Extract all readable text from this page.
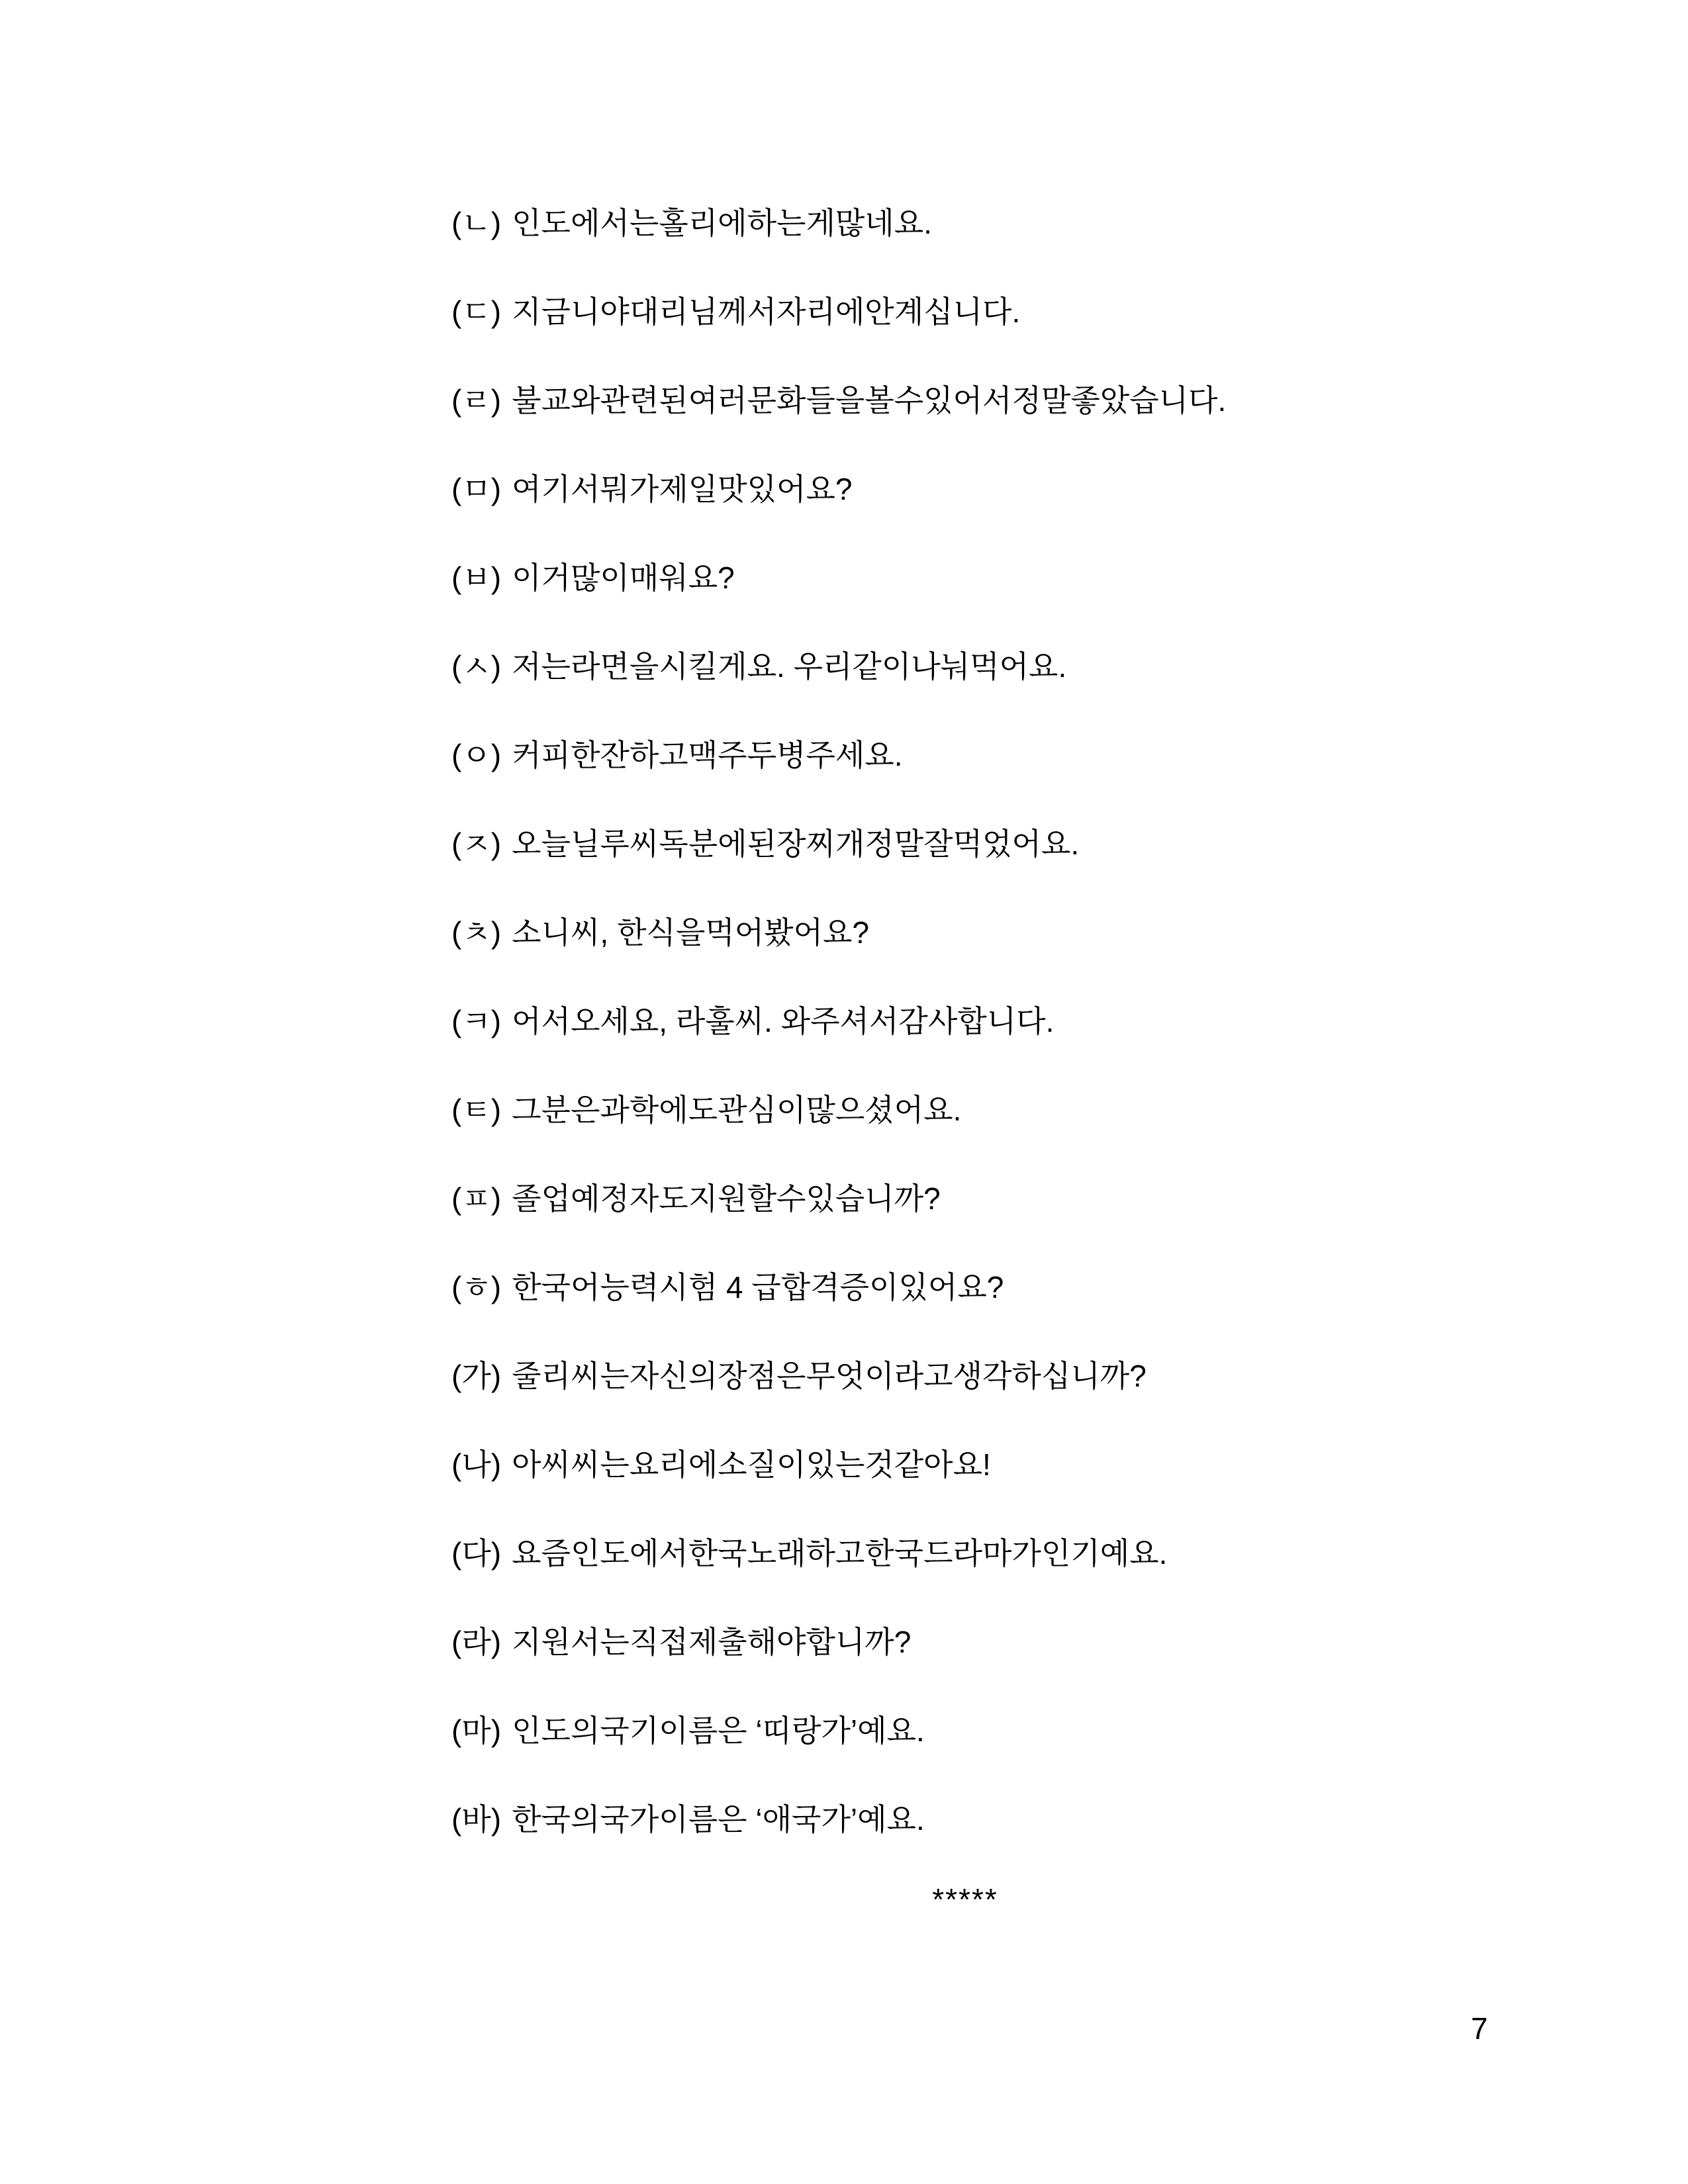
(ㄴ) 인도에서는홀리에하는게많네요.

(ㄷ) 지금니야대리님께서자리에안계십니다.

(ㄹ) 불교와관련된여러문화들을볼수있어서정말좋았습니다.

(ㅁ) 여기서뭐가제일맛있어요?

(ㅂ) 이거많이매워요?

(ㅅ) 저는라면을시킬게요. 우리같이나눠먹어요.

(ㅇ) 커피한잔하고맥주두병주세요.

(ㅈ) 오늘닐루씨독분에된장찌개정말잘먹었어요.

(ㅊ) 소니씨, 한식을먹어봤어요?

(ㅋ) 어서오세요, 라훌씨. 와주셔서감사합니다.

(ㅌ) 그분은과학에도관심이많으셨어요.

(ㅍ) 졸업예정자도지원할수있습니까?

(ㅎ) 한국어능력시험 4 급합격증이있어요?

(가) 줄리씨는자신의장점은무엇이라고생각하십니까?

(나) 아씨씨는요리에소질이있는것같아요!

(다) 요즘인도에서한국노래하고한국드라마가인기예요.

(라) 지원서는직접제출해야합니까?

(마) 인도의국기이름은 ‘띠랑가’예요.

(바) 한국의국가이름은 ‘애국가’예요.

*****
7
